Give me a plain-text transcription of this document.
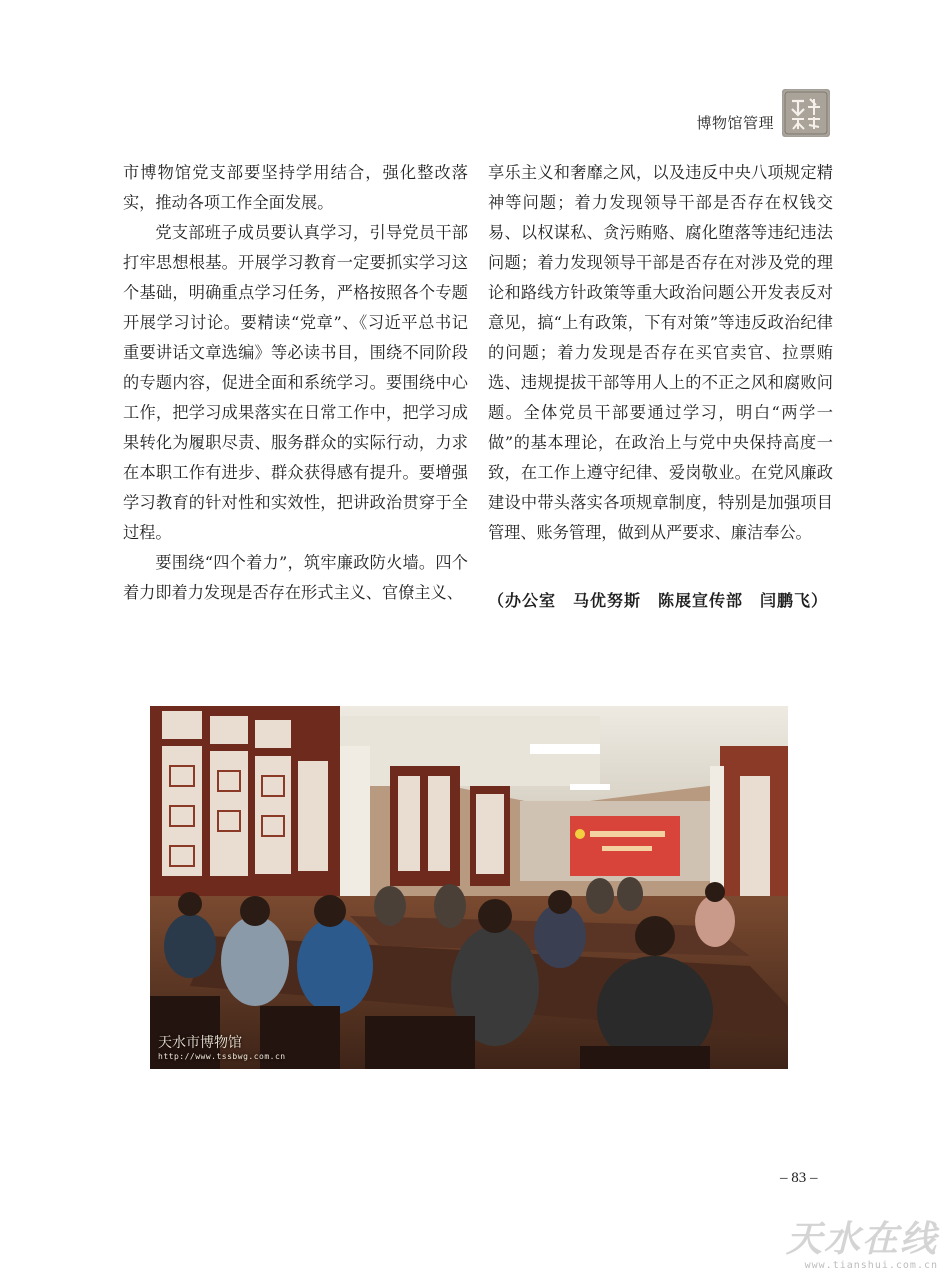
博物馆管理

市博物馆党支部要坚持学用结合，强化整改落实，推动各项工作全面发展。

党支部班子成员要认真学习，引导党员干部打牢思想根基。开展学习教育一定要抓实学习这个基础，明确重点学习任务，严格按照各个专题开展学习讨论。要精读“党章”、《习近平总书记重要讲话文章选编》等必读书目，围绕不同阶段的专题内容，促进全面和系统学习。要围绕中心工作，把学习成果落实在日常工作中，把学习成果转化为履职尽责、服务群众的实际行动，力求在本职工作有进步、群众获得感有提升。要增强学习教育的针对性和实效性，把讲政治贯穿于全过程。

要围绕“四个着力”，筑牢廉政防火墙。四个着力即着力发现是否存在形式主义、官僚主义、

享乐主义和奢靡之风，以及违反中央八项规定精神等问题；着力发现领导干部是否存在权钱交易、以权谋私、贪污贿赂、腐化堕落等违纪违法问题；着力发现领导干部是否存在对涉及党的理论和路线方针政策等重大政治问题公开发表反对意见，搞“上有政策，下有对策”等违反政治纪律的问题；着力发现是否存在买官卖官、拉票贿选、违规提拔干部等用人上的不正之风和腐败问题。全体党员干部要通过学习，明白“两学一做”的基本理论，在政治上与党中央保持高度一致，在工作上遵守纪律、爱岗敬业。在党风廉政建设中带头落实各项规章制度，特别是加强项目管理、账务管理，做到从严要求、廉洁奉公。

（办公室　马优努斯　陈展宣传部　闫鹏飞）
天水市博物馆
http://www.tssbwg.com.cn
– 83 –
天水在线
www.tianshui.com.cn
